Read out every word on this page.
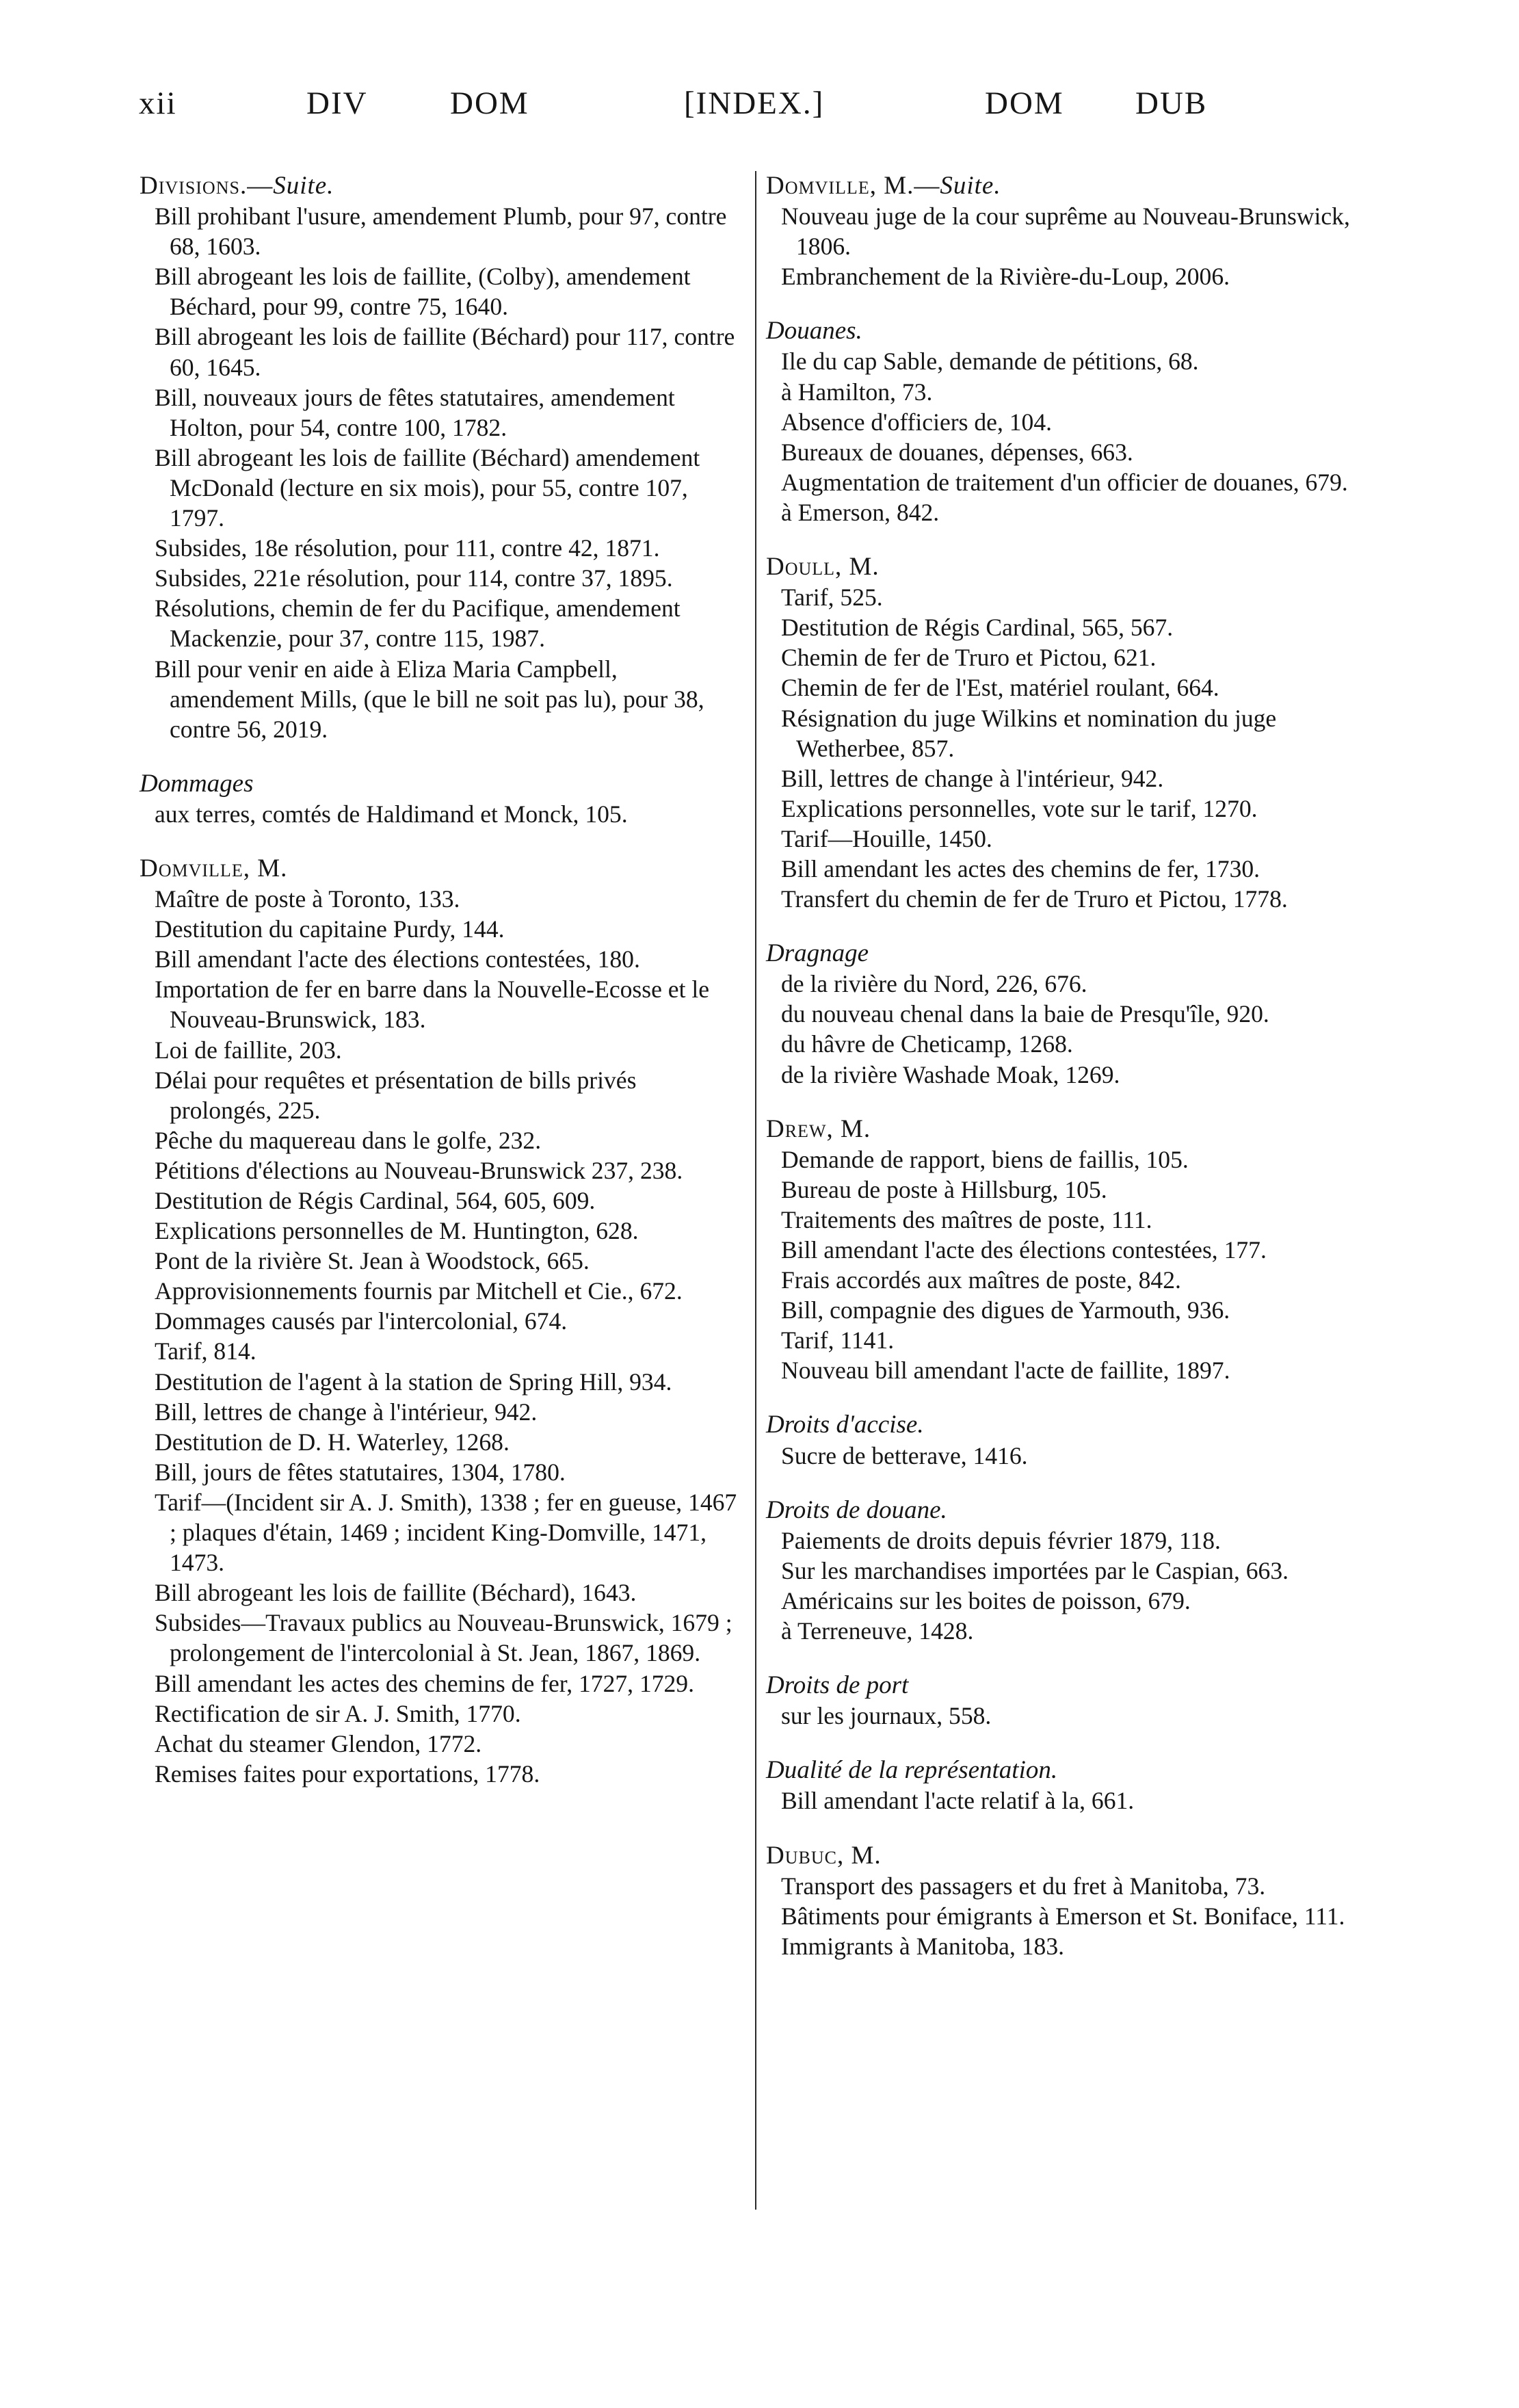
xii	DIV	DOM	[INDEX.]	DOM DUB
Divisions.—Suite.
Bill prohibant l'usure, amendement Plumb, pour 97, contre 68, 1603.
Bill abrogeant les lois de faillite, (Colby), amendement Béchard, pour 99, contre 75, 1640.
Bill abrogeant les lois de faillite (Béchard) pour 117, contre 60, 1645.
Bill, nouveaux jours de fêtes statutaires, amendement Holton, pour 54, contre 100, 1782.
Bill abrogeant les lois de faillite (Béchard) amendement McDonald (lecture en six mois), pour 55, contre 107, 1797.
Subsides, 18e résolution, pour 111, contre 42, 1871.
Subsides, 221e résolution, pour 114, contre 37, 1895.
Résolutions, chemin de fer du Pacifique, amendement Mackenzie, pour 37, contre 115, 1987.
Bill pour venir en aide à Eliza Maria Campbell, amendement Mills, (que le bill ne soit pas lu), pour 38, contre 56, 2019.
Dommages
aux terres, comtés de Haldimand et Monck, 105.
Domville, M.
Maître de poste à Toronto, 133.
Destitution du capitaine Purdy, 144.
Bill amendant l'acte des élections contestées, 180.
Importation de fer en barre dans la Nouvelle-Ecosse et le Nouveau-Brunswick, 183.
Loi de faillite, 203.
Délai pour requêtes et présentation de bills privés prolongés, 225.
Pêche du maquereau dans le golfe, 232.
Pétitions d'élections au Nouveau-Brunswick 237, 238.
Destitution de Régis Cardinal, 564, 605, 609.
Explications personnelles de M. Huntington, 628.
Pont de la rivière St. Jean à Woodstock, 665.
Approvisionnements fournis par Mitchell et Cie., 672.
Dommages causés par l'intercolonial, 674.
Tarif, 814.
Destitution de l'agent à la station de Spring Hill, 934.
Bill, lettres de change à l'intérieur, 942.
Destitution de D. H. Waterley, 1268.
Bill, jours de fêtes statutaires, 1304, 1780.
Tarif—(Incident sir A. J. Smith), 1338 ; fer en gueuse, 1467 ; plaques d'étain, 1469 ; incident King-Domville, 1471, 1473.
Bill abrogeant les lois de faillite (Béchard), 1643.
Subsides—Travaux publics au Nouveau-Brunswick, 1679 ; prolongement de l'intercolonial à St. Jean, 1867, 1869.
Bill amendant les actes des chemins de fer, 1727, 1729.
Rectification de sir A. J. Smith, 1770.
Achat du steamer Glendon, 1772.
Remises faites pour exportations, 1778.
Domville, M.—Suite.
Nouveau juge de la cour suprême au Nouveau-Brunswick, 1806.
Embranchement de la Rivière-du-Loup, 2006.
Douanes.
Ile du cap Sable, demande de pétitions, 68.
à Hamilton, 73.
Absence d'officiers de, 104.
Bureaux de douanes, dépenses, 663.
Augmentation de traitement d'un officier de douanes, 679.
à Emerson, 842.
Doull, M.
Tarif, 525.
Destitution de Régis Cardinal, 565, 567.
Chemin de fer de Truro et Pictou, 621.
Chemin de fer de l'Est, matériel roulant, 664.
Résignation du juge Wilkins et nomination du juge Wetherbee, 857.
Bill, lettres de change à l'intérieur, 942.
Explications personnelles, vote sur le tarif, 1270.
Tarif—Houille, 1450.
Bill amendant les actes des chemins de fer, 1730.
Transfert du chemin de fer de Truro et Pictou, 1778.
Dragnage
de la rivière du Nord, 226, 676.
du nouveau chenal dans la baie de Presqu'île, 920.
du hâvre de Cheticamp, 1268.
de la rivière Washade Moak, 1269.
Drew, M.
Demande de rapport, biens de faillis, 105.
Bureau de poste à Hillsburg, 105.
Traitements des maîtres de poste, 111.
Bill amendant l'acte des élections contestées, 177.
Frais accordés aux maîtres de poste, 842.
Bill, compagnie des digues de Yarmouth, 936.
Tarif, 1141.
Nouveau bill amendant l'acte de faillite, 1897.
Droits d'accise.
Sucre de betterave, 1416.
Droits de douane.
Paiements de droits depuis février 1879, 118.
Sur les marchandises importées par le Caspian, 663.
Américains sur les boites de poisson, 679.
à Terreneuve, 1428.
Droits de port
sur les journaux, 558.
Dualité de la représentation.
Bill amendant l'acte relatif à la, 661.
Dubuc, M.
Transport des passagers et du fret à Manitoba, 73.
Bâtiments pour émigrants à Emerson et St. Boniface, 111.
Immigrants à Manitoba, 183.
